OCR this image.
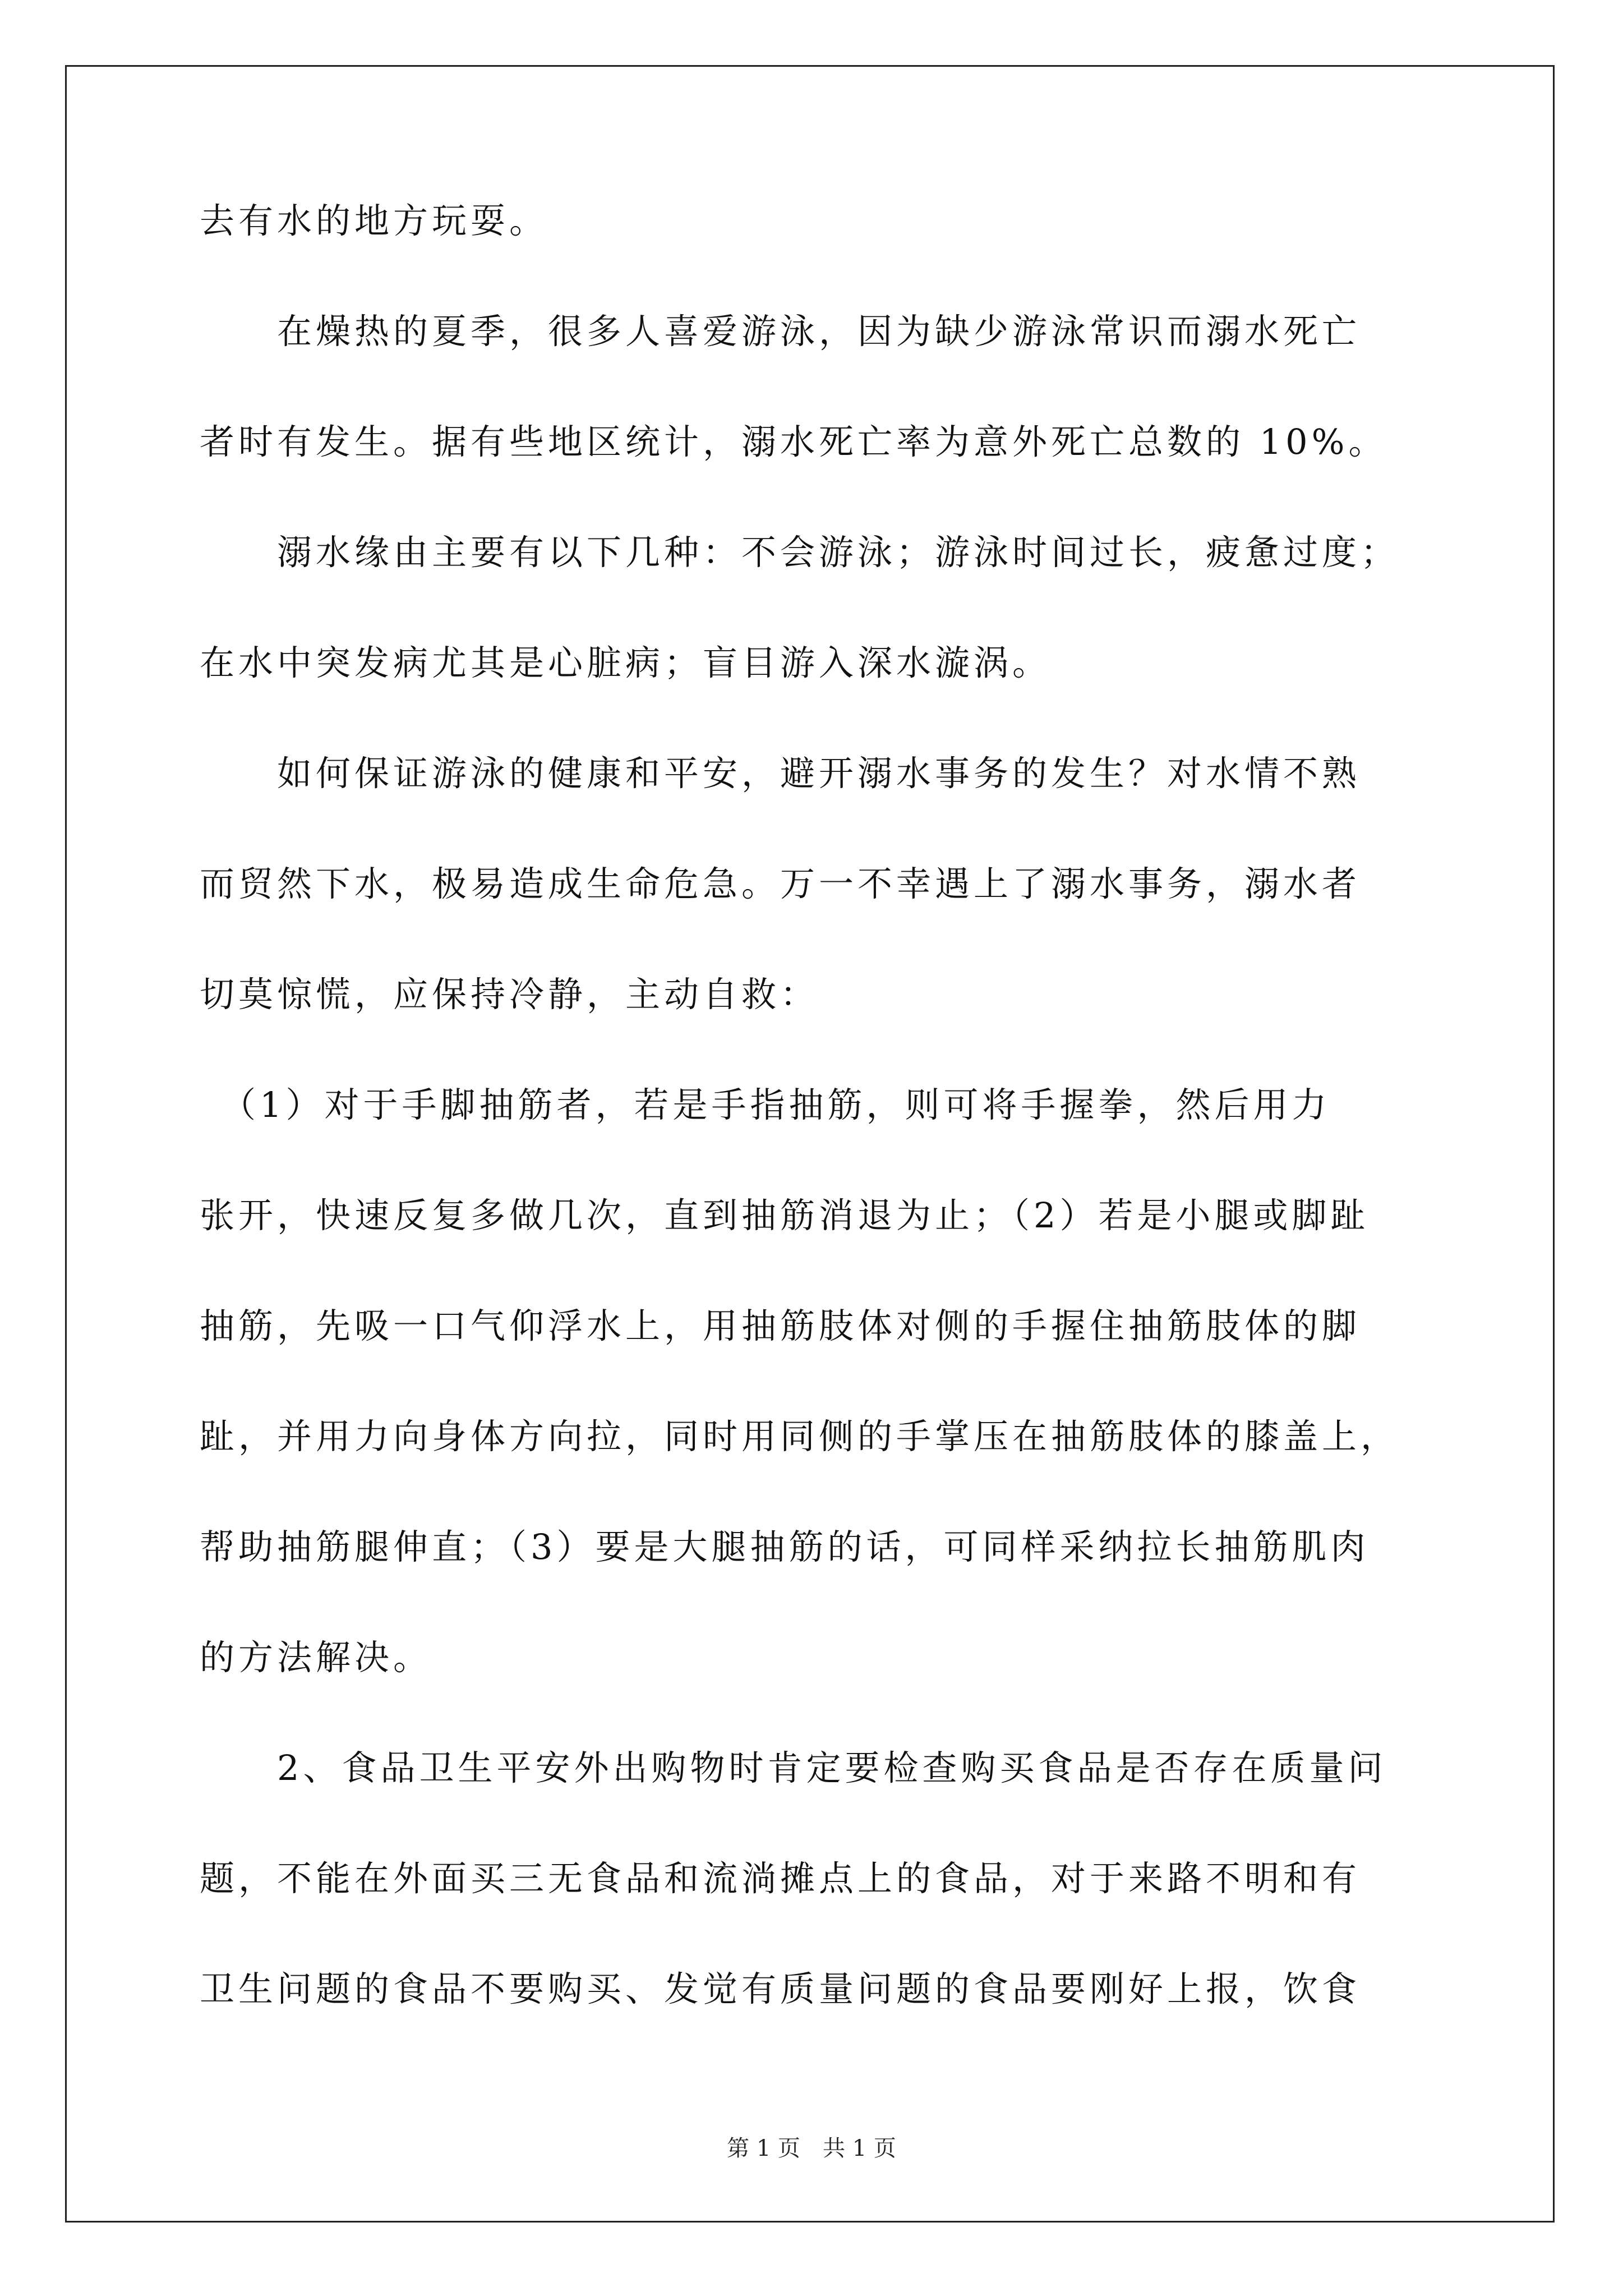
去有水的地方玩耍。
　　在燥热的夏季，很多人喜爱游泳，因为缺少游泳常识而溺水死亡
者时有发生。据有些地区统计，溺水死亡率为意外死亡总数的 10%。
　　溺水缘由主要有以下几种：不会游泳；游泳时间过长，疲惫过度；
在水中突发病尤其是心脏病；盲目游入深水漩涡。
　　如何保证游泳的健康和平安，避开溺水事务的发生？对水情不熟
而贸然下水，极易造成生命危急。万一不幸遇上了溺水事务，溺水者
切莫惊慌，应保持冷静，主动自救：
　（1）对于手脚抽筋者，若是手指抽筋，则可将手握拳，然后用力
张开，快速反复多做几次，直到抽筋消退为止；（2）若是小腿或脚趾
抽筋，先吸一口气仰浮水上，用抽筋肢体对侧的手握住抽筋肢体的脚
趾，并用力向身体方向拉，同时用同侧的手掌压在抽筋肢体的膝盖上，
帮助抽筋腿伸直；（3）要是大腿抽筋的话，可同样采纳拉长抽筋肌肉
的方法解决。
　　2、食品卫生平安外出购物时肯定要检查购买食品是否存在质量问
题，不能在外面买三无食品和流淌摊点上的食品，对于来路不明和有
卫生问题的食品不要购买、发觉有质量问题的食品要刚好上报，饮食
第 1 页 共 1 页
